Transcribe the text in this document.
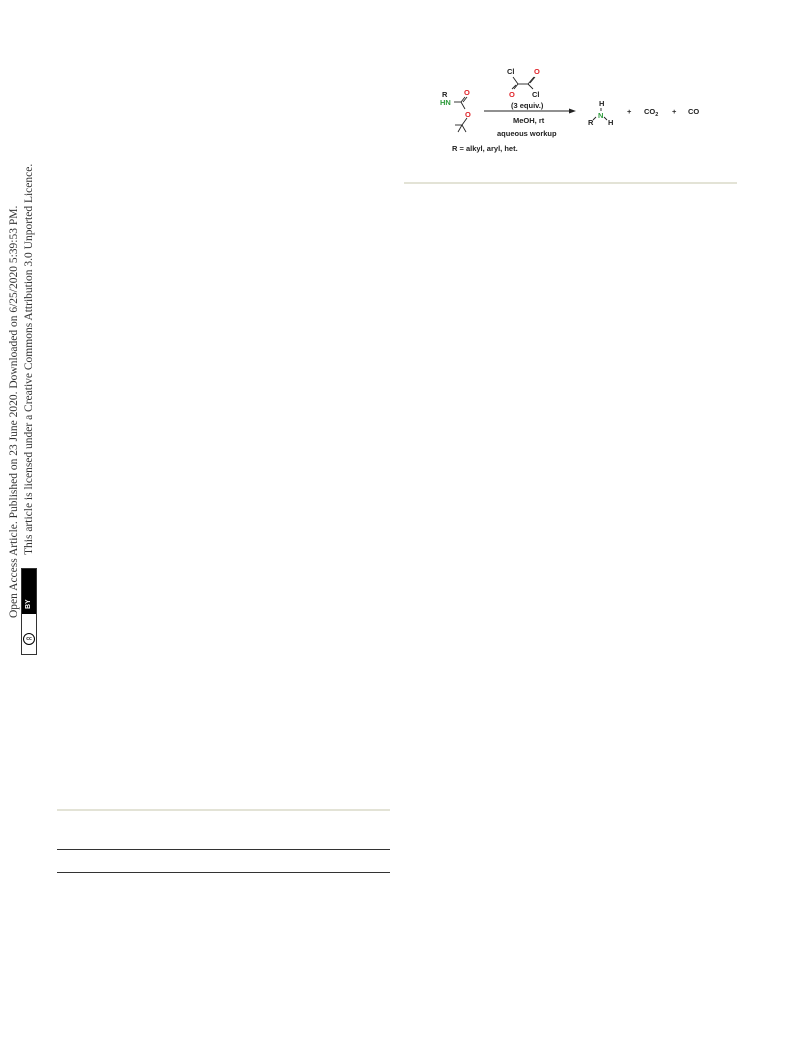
Open Access Article. Published on 23 June 2020. Downloaded on 6/25/2020 5:39:53 PM. This article is licensed under a Creative Commons Attribution 3.0 Unported Licence.
BY
cc
Cl	O
O Cl
R
HN
O
O
(3 equiv.)
MeOH, rt
aqueous workup
H
N
R H
+ $CO_2$ + CO
R = alkyl, aryl, het.
